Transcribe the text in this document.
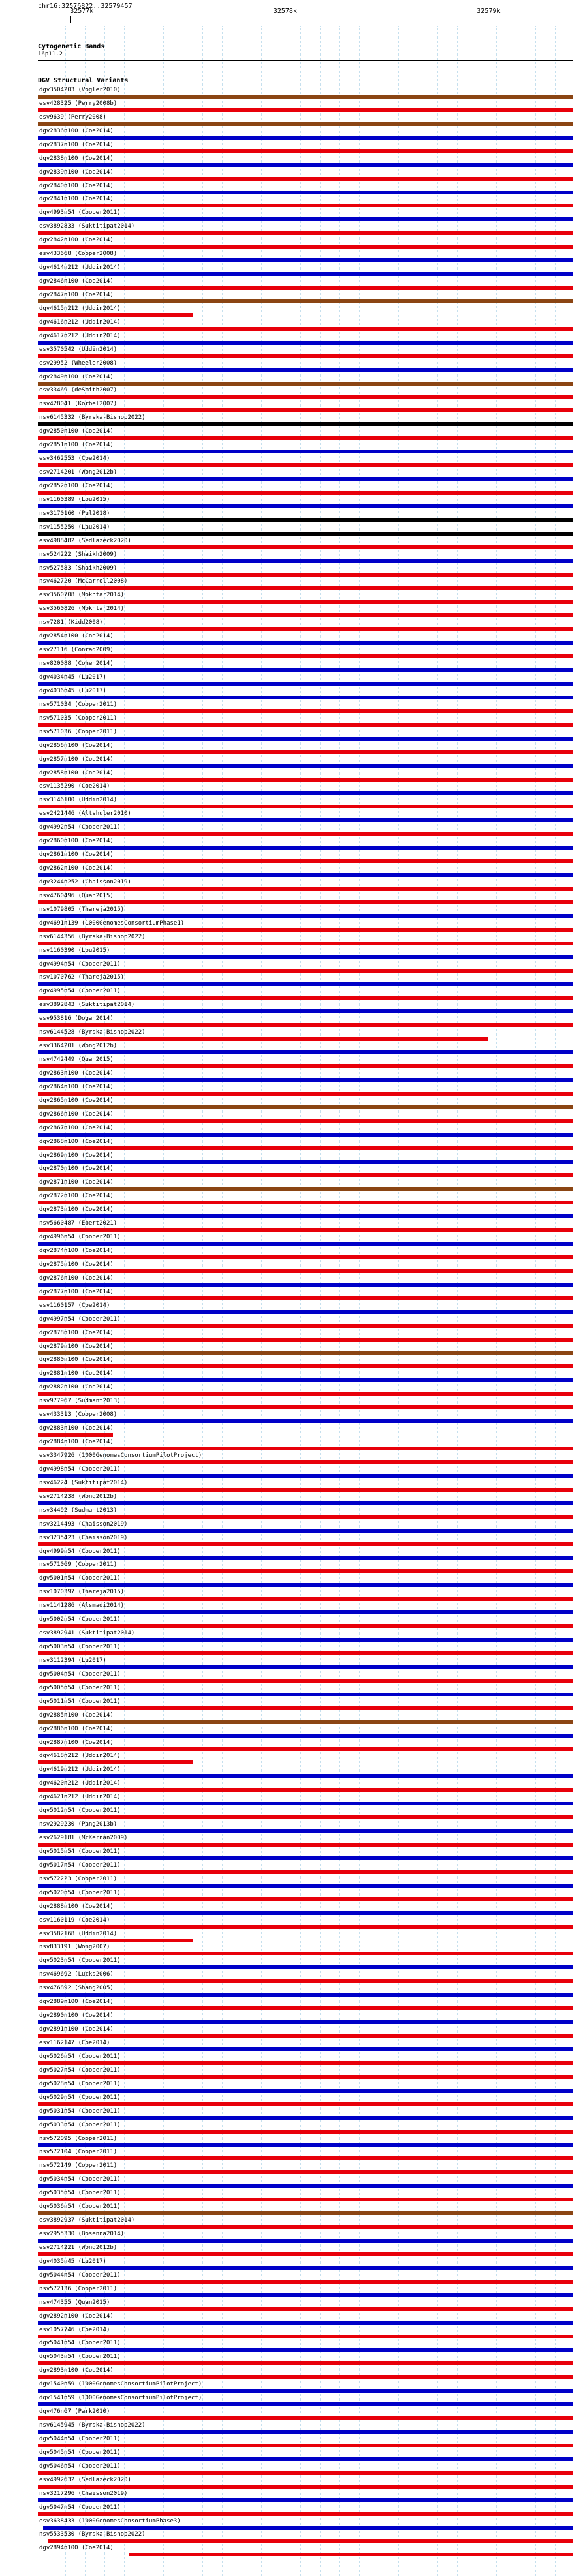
chr16:32576822..32579457
32577k	32578k	32579k
Cytogenetic Bands
16p11.2
DGV Structural Variants
dgv3504203 (Vogler2010)
esv428325 (Perry2008b)
esv9639 (Perry2008)
dgv2836n100 (Coe2014)
dgv2837n100 (Coe2014)
dgv2838n100 (Coe2014)
dgv2839n100 (Coe2014)
dgv2840n100 (Coe2014)
dgv2841n100 (Coe2014)
dgv4993n54 (Cooper2011)
esv3892833 (Suktitipat2014)
dgv2842n100 (Coe2014)
esv433668 (Cooper2008)
dgv4614n212 (Uddin2014)
dgv2846n100 (Coe2014)
dgv2847n100 (Coe2014)
dgv4615n212 (Uddin2014)
dgv4616n212 (Uddin2014)
dgv4617n212 (Uddin2014)
esv3570542 (Uddin2014)
esv29952 (Wheeler2008)
dgv2849n100 (Coe2014)
esv33469 (deSmith2007)
nsv428041 (Korbel2007)
nsv6145332 (Byrska-Bishop2022)
dgv2850n100 (Coe2014)
dgv2851n100 (Coe2014)
esv3462553 (Coe2014)
esv2714201 (Wong2012b)
dgv2852n100 (Coe2014)
nsv1160389 (Lou2015)
nsv3170160 (Pul2018)
nsv1155250 (Lau2014)
esv4988482 (Sedlazeck2020)
nsv524222 (Shaikh2009)
nsv527583 (Shaikh2009)
nsv462720 (McCarroll2008)
esv3560708 (Mokhtar2014)
esv3560826 (Mokhtar2014)
nsv7281 (Kidd2008)
dgv2854n100 (Coe2014)
esv27116 (Conrad2009)
nsv820088 (Cohen2014)
dgv4034n45 (Lu2017)
dgv4036n45 (Lu2017)
nsv571034 (Cooper2011)
nsv571035 (Cooper2011)
nsv571036 (Cooper2011)
dgv2856n100 (Coe2014)
dgv2857n100 (Coe2014)
dgv2858n100 (Coe2014)
esv1135290 (Coe2014)
nsv3146100 (Uddin2014)
esv2421446 (Altshuler2010)
dgv4992n54 (Cooper2011)
dgv2860n100 (Coe2014)
dgv2861n100 (Coe2014)
dgv2862n100 (Coe2014)
dgv3244n252 (Chaisson2019)
nsv4760496 (Quan2015)
nsv1079805 (Thareja2015)
dgv4691n139 (1000GenomesConsortiumPhase1)
nsv6144356 (Byrska-Bishop2022)
nsv1160390 (Lou2015)
dgv4994n54 (Cooper2011)
nsv1070762 (Thareja2015)
dgv4995n54 (Cooper2011)
esv3892843 (Suktitipat2014)
esv953816 (Dogan2014)
nsv6144528 (Byrska-Bishop2022)
esv3364201 (Wong2012b)
nsv4742449 (Quan2015)
dgv2863n100 (Coe2014)
dgv2864n100 (Coe2014)
dgv2865n100 (Coe2014)
dgv2866n100 (Coe2014)
dgv2867n100 (Coe2014)
dgv2868n100 (Coe2014)
dgv2869n100 (Coe2014)
dgv2870n100 (Coe2014)
dgv2871n100 (Coe2014)
dgv2872n100 (Coe2014)
dgv2873n100 (Coe2014)
nsv5660487 (Ebert2021)
dgv4996n54 (Cooper2011)
dgv2874n100 (Coe2014)
dgv2875n100 (Coe2014)
dgv2876n100 (Coe2014)
dgv2877n100 (Coe2014)
esv1160157 (Coe2014)
dgv4997n54 (Cooper2011)
dgv2878n100 (Coe2014)
dgv2879n100 (Coe2014)
dgv2880n100 (Coe2014)
dgv2881n100 (Coe2014)
dgv2882n100 (Coe2014)
nsv977967 (Sudmant2013)
esv433313 (Cooper2008)
dgv2883n100 (Coe2014)
dgv2884n100 (Coe2014)
esv3347926 (1000GenomesConsortiumPilotProject)
dgv4998n54 (Cooper2011)
nsv46224 (Suktitipat2014)
esv2714238 (Wong2012b)
nsv34492 (Sudmant2013)
nsv3214493 (Chaisson2019)
nsv3235423 (Chaisson2019)
dgv4999n54 (Cooper2011)
nsv571069 (Cooper2011)
dgv5001n54 (Cooper2011)
nsv1070397 (Thareja2015)
nsv1141286 (Alsmadi2014)
dgv5002n54 (Cooper2011)
esv3892941 (Suktitipat2014)
dgv5003n54 (Cooper2011)
nsv3112394 (Lu2017)
dgv5004n54 (Cooper2011)
dgv5005n54 (Cooper2011)
dgv5011n54 (Cooper2011)
dgv2885n100 (Coe2014)
dgv2886n100 (Coe2014)
dgv2887n100 (Coe2014)
dgv4618n212 (Uddin2014)
dgv4619n212 (Uddin2014)
dgv4620n212 (Uddin2014)
dgv4621n212 (Uddin2014)
dgv5012n54 (Cooper2011)
nsv2929230 (Pang2013b)
esv2629181 (McKernan2009)
dgv5015n54 (Cooper2011)
dgv5017n54 (Cooper2011)
nsv572223 (Cooper2011)
dgv5020n54 (Cooper2011)
dgv2888n100 (Coe2014)
esv1160119 (Coe2014)
esv3582168 (Uddin2014)
nsv833191 (Wong2007)
dgv5023n54 (Cooper2011)
nsv469692 (Lucks2006)
nsv476892 (Shang2005)
dgv2889n100 (Coe2014)
dgv2890n100 (Coe2014)
dgv2891n100 (Coe2014)
esv1162147 (Coe2014)
dgv5026n54 (Cooper2011)
dgv5027n54 (Cooper2011)
dgv5028n54 (Cooper2011)
dgv5029n54 (Cooper2011)
dgv5031n54 (Cooper2011)
dgv5033n54 (Cooper2011)
nsv572095 (Cooper2011)
nsv572104 (Cooper2011)
nsv572149 (Cooper2011)
dgv5034n54 (Cooper2011)
dgv5035n54 (Cooper2011)
dgv5036n54 (Cooper2011)
esv3892937 (Suktitipat2014)
esv2955330 (Bosenna2014)
esv2714221 (Wong2012b)
dgv4035n45 (Lu2017)
dgv5044n54 (Cooper2011)
nsv572136 (Cooper2011)
nsv474355 (Quan2015)
dgv2892n100 (Coe2014)
esv1057746 (Coe2014)
dgv5041n54 (Cooper2011)
dgv5043n54 (Cooper2011)
dgv2893n100 (Coe2014)
dgv1540n59 (1000GenomesConsortiumPilotProject)
dgv1541n59 (1000GenomesConsortiumPilotProject)
dgv476n67 (Park2010)
nsv6145945 (Byrska-Bishop2022)
dgv5044n54 (Cooper2011)
dgv5045n54 (Cooper2011)
dgv5046n54 (Cooper2011)
esv4992632 (Sedlazeck2020)
nsv3217296 (Chaisson2019)
dgv5047n54 (Cooper2011)
esv3638433 (1000GenomesConsortiumPhase3)
nsv5533530 (Byrska-Bishop2022)
dgv2894n100 (Coe2014)
